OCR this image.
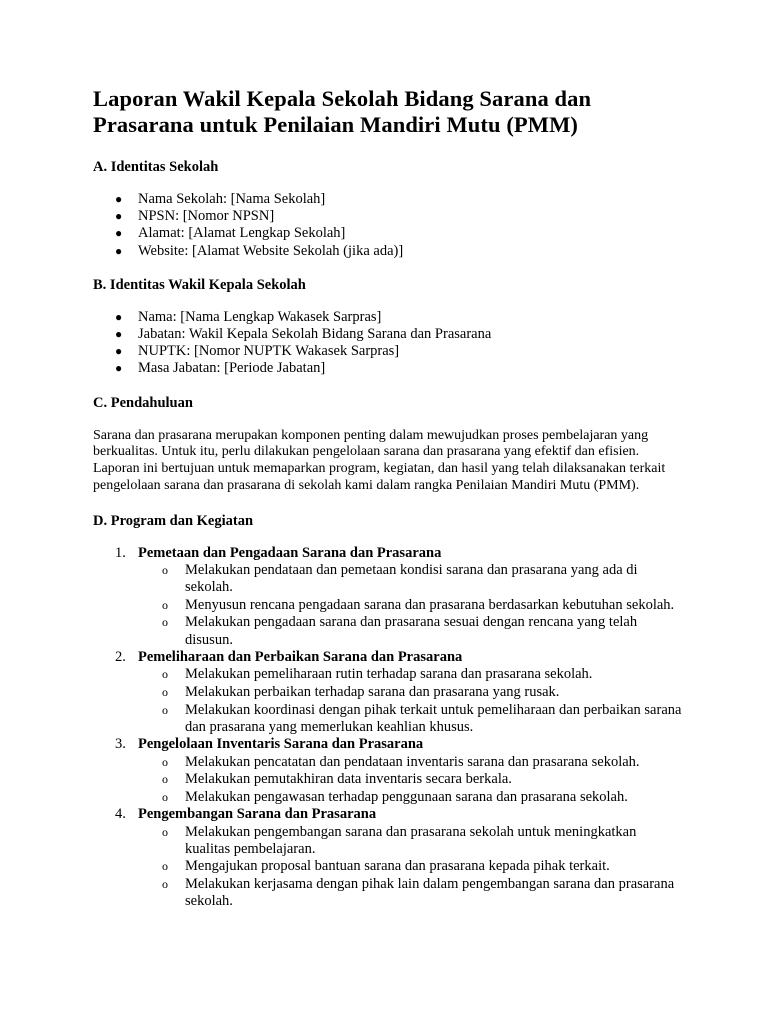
Laporan Wakil Kepala Sekolah Bidang Sarana dan Prasarana untuk Penilaian Mandiri Mutu (PMM)
A. Identitas Sekolah
● Nama Sekolah: [Nama Sekolah]
● NPSN: [Nomor NPSN]
● Alamat: [Alamat Lengkap Sekolah]
● Website: [Alamat Website Sekolah (jika ada)]
B. Identitas Wakil Kepala Sekolah
● Nama: [Nama Lengkap Wakasek Sarpras]
● Jabatan: Wakil Kepala Sekolah Bidang Sarana dan Prasarana
● NUPTK: [Nomor NUPTK Wakasek Sarpras]
● Masa Jabatan: [Periode Jabatan]
C. Pendahuluan

Sarana dan prasarana merupakan komponen penting dalam mewujudkan proses pembelajaran yang berkualitas. Untuk itu, perlu dilakukan pengelolaan sarana dan prasarana yang efektif dan efisien. Laporan ini bertujuan untuk memaparkan program, kegiatan, dan hasil yang telah dilaksanakan terkait pengelolaan sarana dan prasarana di sekolah kami dalam rangka Penilaian Mandiri Mutu (PMM).

D. Program dan Kegiatan
1. Pemetaan dan Pengadaan Sarana dan Prasarana
o Melakukan pendataan dan pemetaan kondisi sarana dan prasarana yang ada di sekolah.
o Menyusun rencana pengadaan sarana dan prasarana berdasarkan kebutuhan sekolah.
o Melakukan pengadaan sarana dan prasarana sesuai dengan rencana yang telah disusun.
2. Pemeliharaan dan Perbaikan Sarana dan Prasarana
o Melakukan pemeliharaan rutin terhadap sarana dan prasarana sekolah.
o Melakukan perbaikan terhadap sarana dan prasarana yang rusak.
o Melakukan koordinasi dengan pihak terkait untuk pemeliharaan dan perbaikan sarana dan prasarana yang memerlukan keahlian khusus.
3. Pengelolaan Inventaris Sarana dan Prasarana
o Melakukan pencatatan dan pendataan inventaris sarana dan prasarana sekolah.
o Melakukan pemutakhiran data inventaris secara berkala.
o Melakukan pengawasan terhadap penggunaan sarana dan prasarana sekolah.
4. Pengembangan Sarana dan Prasarana
o Melakukan pengembangan sarana dan prasarana sekolah untuk meningkatkan kualitas pembelajaran.
o Mengajukan proposal bantuan sarana dan prasarana kepada pihak terkait.
o Melakukan kerjasama dengan pihak lain dalam pengembangan sarana dan prasarana sekolah.
